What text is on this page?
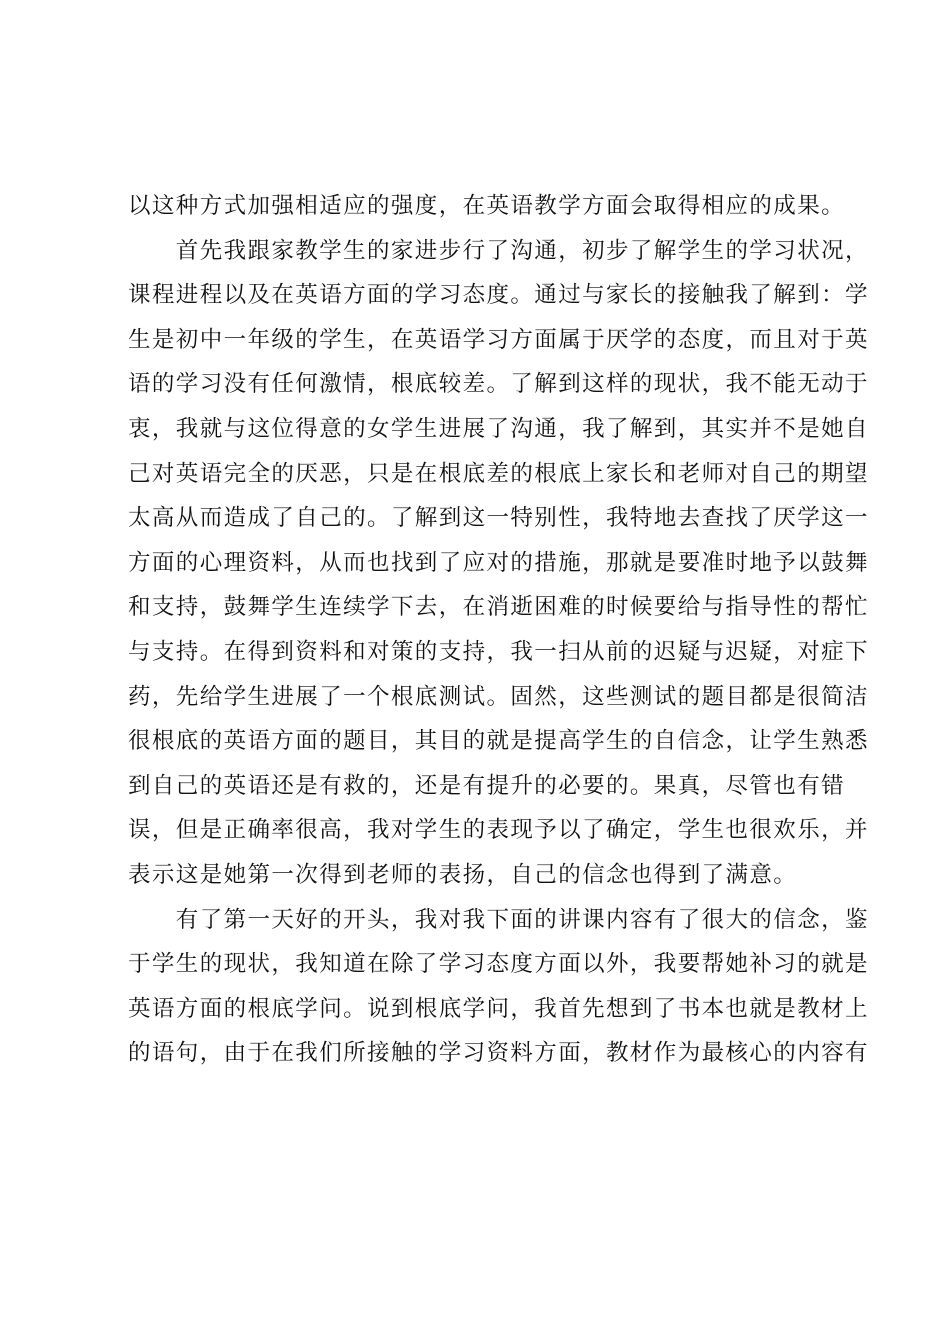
以这种方式加强相适应的强度，在英语教学方面会取得相应的成果。
　　首先我跟家教学生的家进步行了沟通，初步了解学生的学习状况，
课程进程以及在英语方面的学习态度。通过与家长的接触我了解到：学
生是初中一年级的学生，在英语学习方面属于厌学的态度，而且对于英
语的学习没有任何激情，根底较差。了解到这样的现状，我不能无动于
衷，我就与这位得意的女学生进展了沟通，我了解到，其实并不是她自
己对英语完全的厌恶，只是在根底差的根底上家长和老师对自己的期望
太高从而造成了自己的。了解到这一特别性，我特地去查找了厌学这一
方面的心理资料，从而也找到了应对的措施，那就是要准时地予以鼓舞
和支持，鼓舞学生连续学下去，在消逝困难的时候要给与指导性的帮忙
与支持。在得到资料和对策的支持，我一扫从前的迟疑与迟疑，对症下
药，先给学生进展了一个根底测试。固然，这些测试的题目都是很简洁
很根底的英语方面的题目，其目的就是提高学生的自信念，让学生熟悉
到自己的英语还是有救的，还是有提升的必要的。果真，尽管也有错
误，但是正确率很高，我对学生的表现予以了确定，学生也很欢乐，并
表示这是她第一次得到老师的表扬，自己的信念也得到了满意。
　　有了第一天好的开头，我对我下面的讲课内容有了很大的信念，鉴
于学生的现状，我知道在除了学习态度方面以外，我要帮她补习的就是
英语方面的根底学问。说到根底学问，我首先想到了书本也就是教材上
的语句，由于在我们所接触的学习资料方面，教材作为最核心的内容有
